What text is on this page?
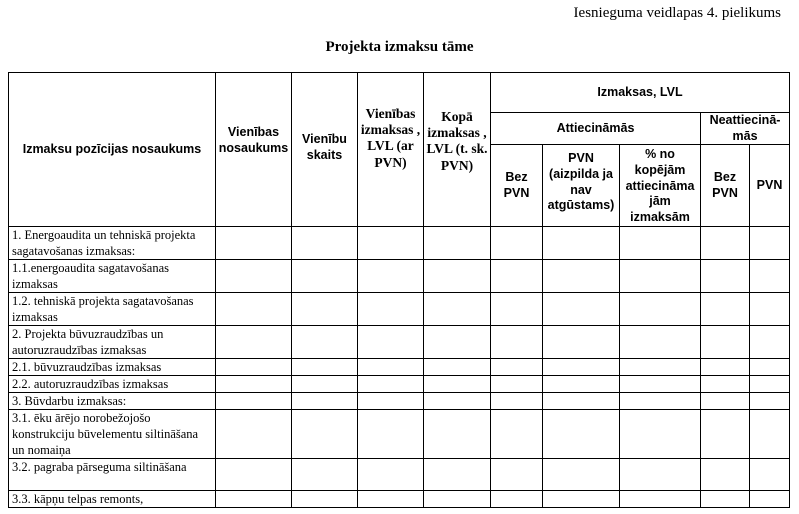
Iesnieguma veidlapas 4. pielikums
Projekta izmaksu tāme
Izmaksu pozīcijas nosaukums	Vienības nosaukums	Vienību skaits	Vienības izmaksas , LVL (ar PVN)	Kopā izmaksas , LVL (t. sk. PVN)	Izmaksas, LVL				
					Attiecināmās			Neattiecinā-mās	
					Bez PVN	PVN (aizpilda ja nav atgūstams)	% no kopējām attiecināma jām izmaksām	Bez PVN	PVN
1. Energoaudita un tehniskā projekta sagatavošanas izmaksas:									
1.1.energoaudita sagatavošanas izmaksas									
1.2. tehniskā projekta sagatavošanas izmaksas									
2. Projekta būvuzraudzības un autoruzraudzības izmaksas									
2.1. būvuzraudzības izmaksas									
2.2. autoruzraudzības izmaksas									
3. Būvdarbu izmaksas:									
3.1. ēku ārējo norobežojošo konstrukciju būvelementu siltināšana un nomaiņa									
3.2. pagraba pārseguma siltināšana									
3.3. kāpņu telpas remonts,									
